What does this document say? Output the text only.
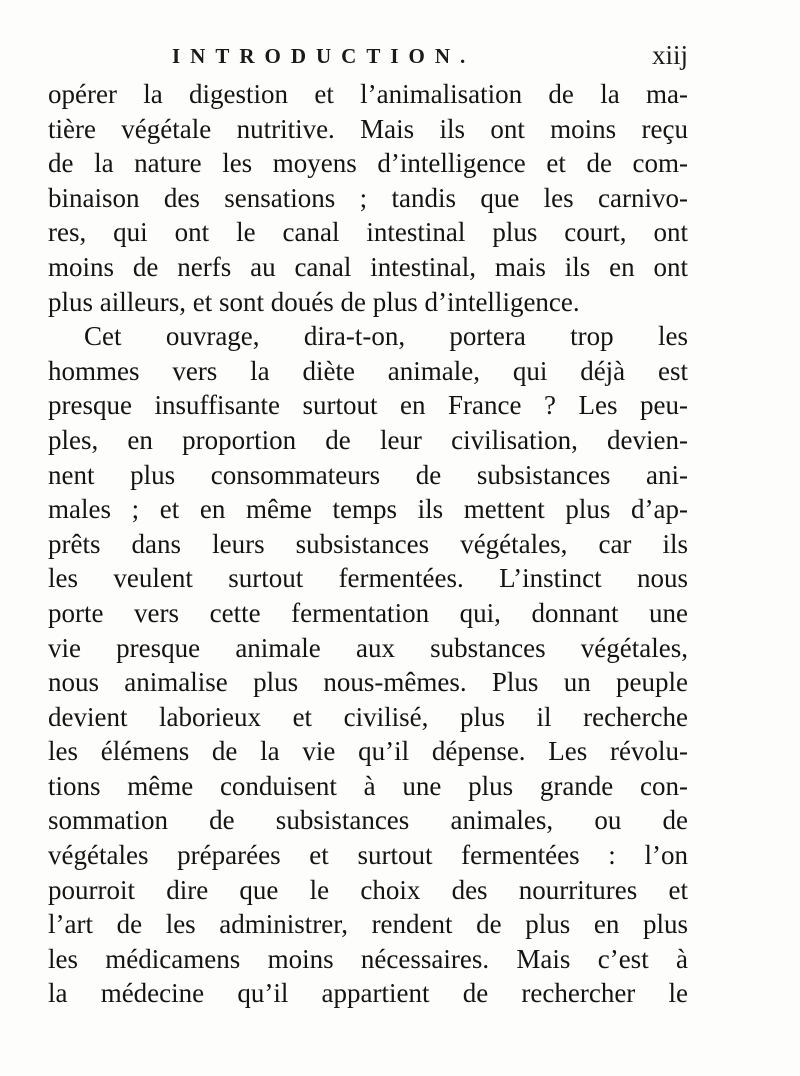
INTRODUCTION.	xiij
opérer la digestion et l’animalisation de la ma-
tière végétale nutritive. Mais ils ont moins reçu
de la nature les moyens d’intelligence et de com-
binaison des sensations ; tandis que les carnivo-
res, qui ont le canal intestinal plus court, ont
moins de nerfs au canal intestinal, mais ils en ont
plus ailleurs, et sont doués de plus d’intelligence.
Cet ouvrage, dira-t-on, portera trop les
hommes vers la diète animale, qui déjà est
presque insuffisante surtout en France ? Les peu-
ples, en proportion de leur civilisation, devien-
nent plus consommateurs de subsistances ani-
males ; et en même temps ils mettent plus d’ap-
prêts dans leurs subsistances végétales, car ils
les veulent surtout fermentées. L’instinct nous
porte vers cette fermentation qui, donnant une
vie presque animale aux substances végétales,
nous animalise plus nous-mêmes. Plus un peuple
devient laborieux et civilisé, plus il recherche
les élémens de la vie qu’il dépense. Les révolu-
tions même conduisent à une plus grande con-
sommation de subsistances animales, ou de
végétales préparées et surtout fermentées : l’on
pourroit dire que le choix des nourritures et
l’art de les administrer, rendent de plus en plus
les médicamens moins nécessaires. Mais c’est à
la médecine qu’il appartient de rechercher le
